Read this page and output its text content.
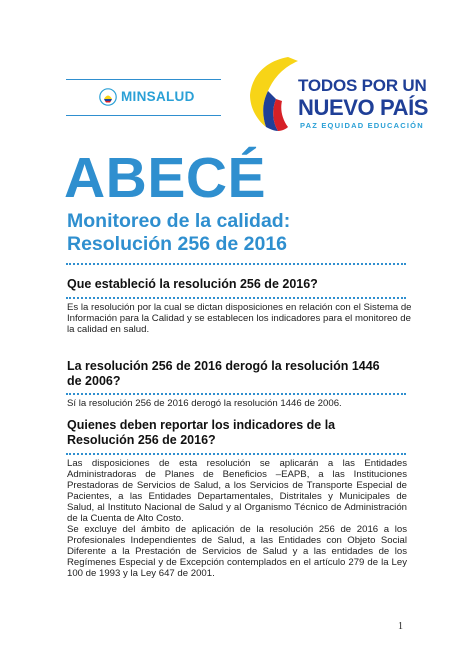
MINSALUD
TODOS POR UN
NUEVO PAÍS
PAZ EQUIDAD EDUCACIÓN
ABECÉ
Monitoreo de la calidad:
Resolución 256 de 2016
Que estableció la resolución 256 de 2016?
Es la resolución por la cual se dictan disposiciones en relación con el Sistema de Información para la Calidad y se establecen los indicadores para el monitoreo de la calidad en salud.
La resolución 256 de 2016 derogó la resolución 1446 de 2006?
Sí la resolución 256 de 2016 derogó la resolución 1446 de 2006.
Quienes deben reportar los indicadores de la Resolución 256 de 2016?

Las disposiciones de esta resolución se aplicarán a las Entidades Administradoras de Planes de Beneficios –EAPB, a las Instituciones Prestadoras de Servicios de Salud, a los Servicios de Transporte Especial de Pacientes, a las Entidades Departamentales, Distritales y Municipales de Salud, al Instituto Nacional de Salud y al Organismo Técnico de Administración de la Cuenta de Alto Costo.

Se excluye del ámbito de aplicación de la resolución 256 de 2016 a los Profesionales Independientes de Salud, a las Entidades con Objeto Social Diferente a la Prestación de Servicios de Salud y a las entidades de los Regímenes Especial y de Excepción contemplados en el artículo 279 de la Ley 100 de 1993 y la Ley 647 de 2001.

1
